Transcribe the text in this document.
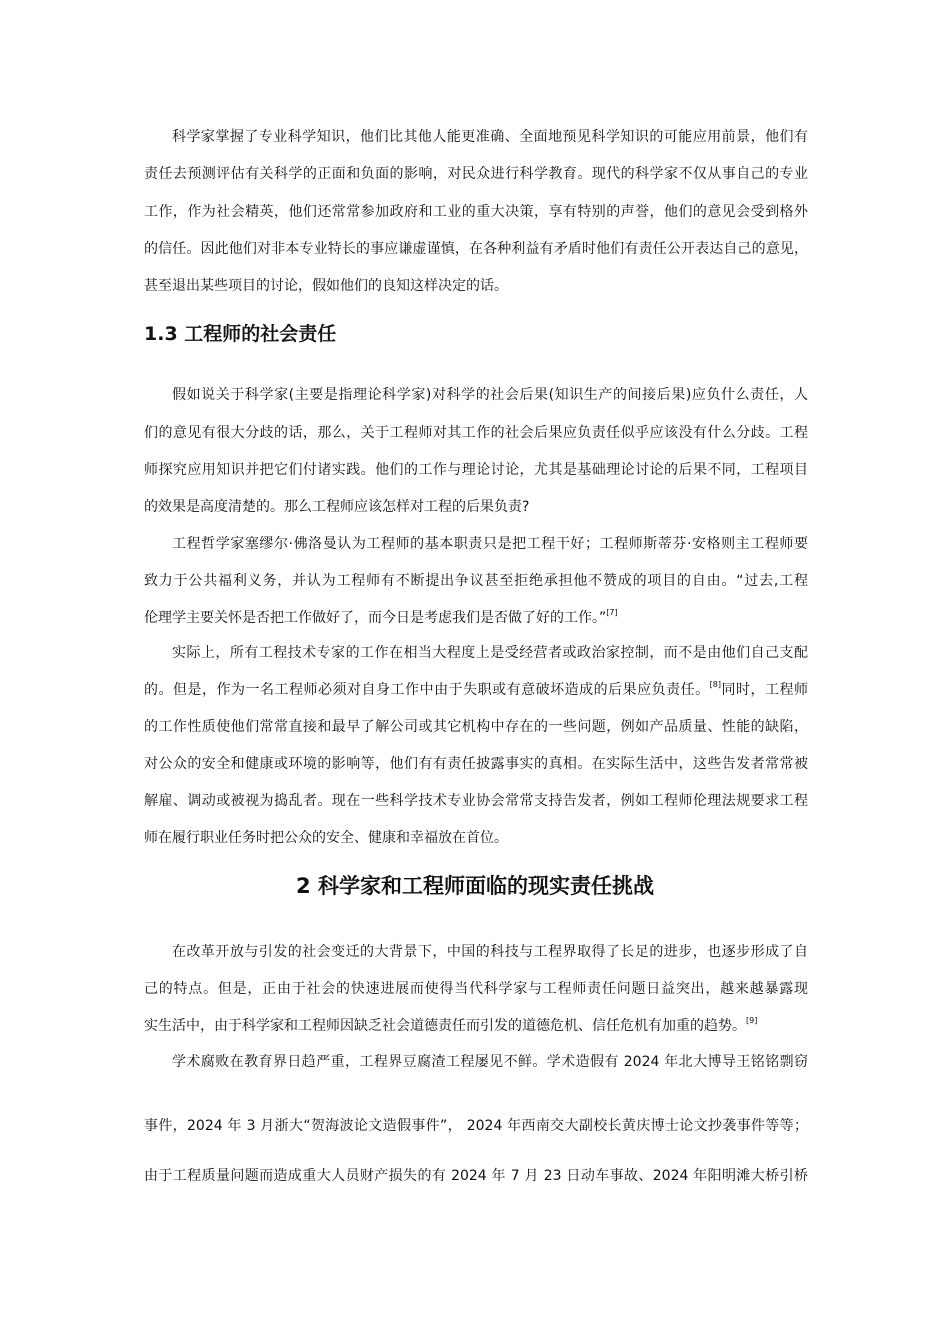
科学家掌握了专业科学知识，他们比其他人能更准确、全面地预见科学知识的可能应用前景，他们有
责任去预测评估有关科学的正面和负面的影响，对民众进行科学教育。现代的科学家不仅从事自己的专业
工作，作为社会精英，他们还常常参加政府和工业的重大决策，享有特别的声誉，他们的意见会受到格外
的信任。因此他们对非本专业特长的事应谦虚谨慎，在各种利益有矛盾时他们有责任公开表达自己的意见，
甚至退出某些项目的讨论，假如他们的良知这样决定的话。
1.3 工程师的社会责任
假如说关于科学家(主要是指理论科学家)对科学的社会后果(知识生产的间接后果)应负什么责任，人
们的意见有很大分歧的话，那么，关于工程师对其工作的社会后果应负责任似乎应该没有什么分歧。工程
师探究应用知识并把它们付诸实践。他们的工作与理论讨论，尤其是基础理论讨论的后果不同，工程项目
的效果是高度清楚的。那么工程师应该怎样对工程的后果负责?
工程哲学家塞缪尔·佛洛曼认为工程师的基本职责只是把工程干好；工程师斯蒂芬·安格则主工程师要
致力于公共福利义务，并认为工程师有不断提出争议甚至拒绝承担他不赞成的项目的自由。“过去,工程
伦理学主要关怀是否把工作做好了，而今日是考虑我们是否做了好的工作。”[7]
实际上，所有工程技术专家的工作在相当大程度上是受经营者或政治家控制，而不是由他们自己支配
的。但是，作为一名工程师必须对自身工作中由于失职或有意破坏造成的后果应负责任。[8]同时，工程师
的工作性质使他们常常直接和最早了解公司或其它机构中存在的一些问题，例如产品质量、性能的缺陷，
对公众的安全和健康或环境的影响等，他们有有责任披露事实的真相。在实际生活中，这些告发者常常被
解雇、调动或被视为捣乱者。现在一些科学技术专业协会常常支持告发者，例如工程师伦理法规要求工程
师在履行职业任务时把公众的安全、健康和幸福放在首位。
2 科学家和工程师面临的现实责任挑战
在改革开放与引发的社会变迁的大背景下，中国的科技与工程界取得了长足的进步，也逐步形成了自
己的特点。但是，正由于社会的快速进展而使得当代科学家与工程师责任问题日益突出，越来越暴露现
实生活中，由于科学家和工程师因缺乏社会道德责任而引发的道德危机、信任危机有加重的趋势。[9]
学术腐败在教育界日趋严重，工程界豆腐渣工程屡见不鲜。学术造假有 2024 年北大博导王铭铭剽窃
事件，2024 年 3 月浙大“贺海波论文造假事件”， 2024 年西南交大副校长黄庆博士论文抄袭事件等等；
由于工程质量问题而造成重大人员财产损失的有 2024 年 7 月 23 日动车事故、2024 年阳明滩大桥引桥
